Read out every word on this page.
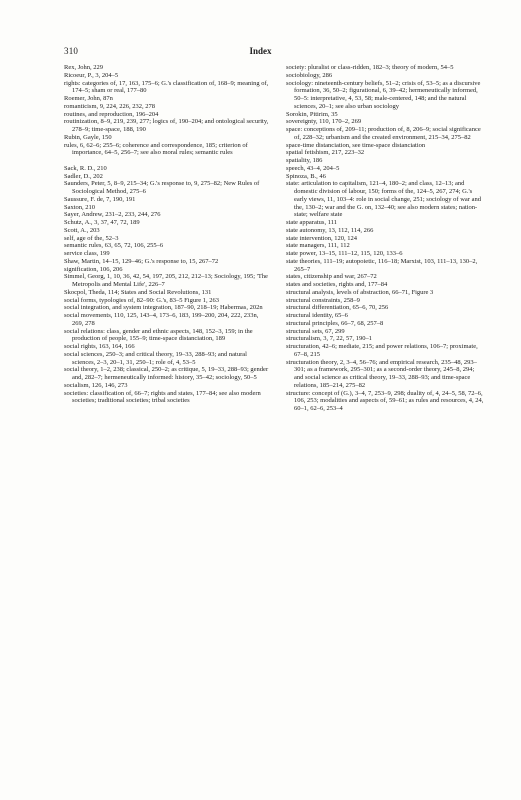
310	Index

Rex, John, 229

Ricoeur, P., 3, 204–5

rights: categories of, 17, 163, 175–6; G.'s classification of, 168–9; meaning of, 174–5; sham or real, 177–80

Roemer, John, 87n

romanticism, 9, 224, 226, 232, 278

routines, and reproduction, 196–204

routinization, 8–9, 219, 239, 277; logics of, 190–204; and ontological security, 278–9; time-space, 188, 190

Rubin, Gayle, 150

rules, 6, 62–6; 255–6; coherence and correspondence, 185; criterion of importance, 64–5, 256–7; see also moral rules; semantic rules

Sack, R. D., 210

Sadler, D., 202

Saunders, Peter, 5, 8–9, 215–34; G.'s response to, 9, 275–82; New Rules of Sociological Method, 275–6

Saussure, F. de, 7, 190, 191

Saxton, 210

Sayer, Andrew, 231–2, 233, 244, 276

Schutz, A., 3, 37, 47, 72, 189

Scott, A., 203

self, age of the, 52–3

semantic rules, 63, 65, 72, 106, 255–6

service class, 199

Shaw, Martin, 14–15, 129–46; G.'s response to, 15, 267–72

signification, 106, 206

Simmel, Georg, 1, 10, 36, 42, 54, 197, 205, 212, 212–13; Sociology, 195; 'The Metropolis and Mental Life', 226–7

Skocpol, Theda, 114; States and Social Revolutions, 131

social forms, typologies of, 82–90: G.'s, 83–5 Figure 1, 263

social integration, and system integration, 187–90, 218–19; Habermas, 202n

social movements, 110, 125, 143–4, 173–6, 183, 199–200, 204, 222, 233n, 269, 278

social relations: class, gender and ethnic aspects, 148, 152–3, 159; in the production of people, 155–9; time-space distanciation, 189

social rights, 163, 164, 166

social sciences, 250–3; and critical theory, 19–33, 288–93; and natural sciences, 2–3, 20–1, 31, 250–1; role of, 4, 53–5

social theory, 1–2, 238; classical, 250–2; as critique, 5, 19–33, 288–93; gender and, 282–7; hermeneutically informed: history, 35–42; sociology, 50–5

socialism, 126, 146, 273

societies: classification of, 66–7; rights and states, 177–84; see also modern societies; traditional societies; tribal societies

society: pluralist or class-ridden, 182–3; theory of modern, 54–5

sociobiology, 286

sociology: nineteenth-century beliefs, 51–2; crisis of, 53–5; as a discursive formation, 36, 50–2; figurational, 6, 39–42; hermeneutically informed, 50–5: interpretative, 4, 53, 58; male-centered, 148; and the natural sciences, 20–1; see also urban sociology

Sorokin, Pitirim, 35

sovereignty, 110, 170–2, 269

space: conceptions of, 209–11; production of, 8, 206–9; social significance of, 228–32; urbanism and the created environment, 215–34, 275–82

space-time distanciation, see time-space distanciation

spatial fetishism, 217, 223–32

spatiality, 186

speech, 43–4, 204–5

Spinoza, B., 46

state: articulation to capitalism, 121–4, 180–2; and class, 12–13; and domestic division of labour, 150; forms of the, 124–5, 267, 274; G.'s early views, 11, 103–4: role in social change, 251; sociology of war and the, 130–2; war and the G. on, 132–40; see also modern states; nation-state; welfare state

state apparatus, 111

state autonomy, 13, 112, 114, 266

state intervention, 120, 124

state managers, 111, 112

state power, 13–15, 111–12, 115, 120, 133–6

state theories, 111–19; autopoietic, 116–18; Marxist, 103, 111–13, 130–2, 265–7

states, citizenship and war, 267–72

states and societies, rights and, 177–84

structural analysis, levels of abstraction, 66–71, Figure 3

structural constraints, 258–9

structural differentiation, 65–6, 70, 256

structural identity, 65–6

structural principles, 66–7, 68, 257–8

structural sets, 67, 299

structuralism, 3, 7, 22, 57, 190–1

structuration, 42–6; mediate, 215; and power relations, 106–7; proximate, 67–8, 215

structuration theory, 2, 3–4, 56–76; and empirical research, 235–48, 293–301; as a framework, 295–301; as a second-order theory, 245–8, 294; and social science as critical theory, 19–33, 288–93; and time-space relations, 185–214, 275–82

structure: concept of (G.), 3–4, 7, 253–9, 298; duality of, 4, 24–5, 58, 72–6, 106, 253; modalities and aspects of, 59–61; as rules and resources, 4, 24, 60–1, 62–6, 253–4
